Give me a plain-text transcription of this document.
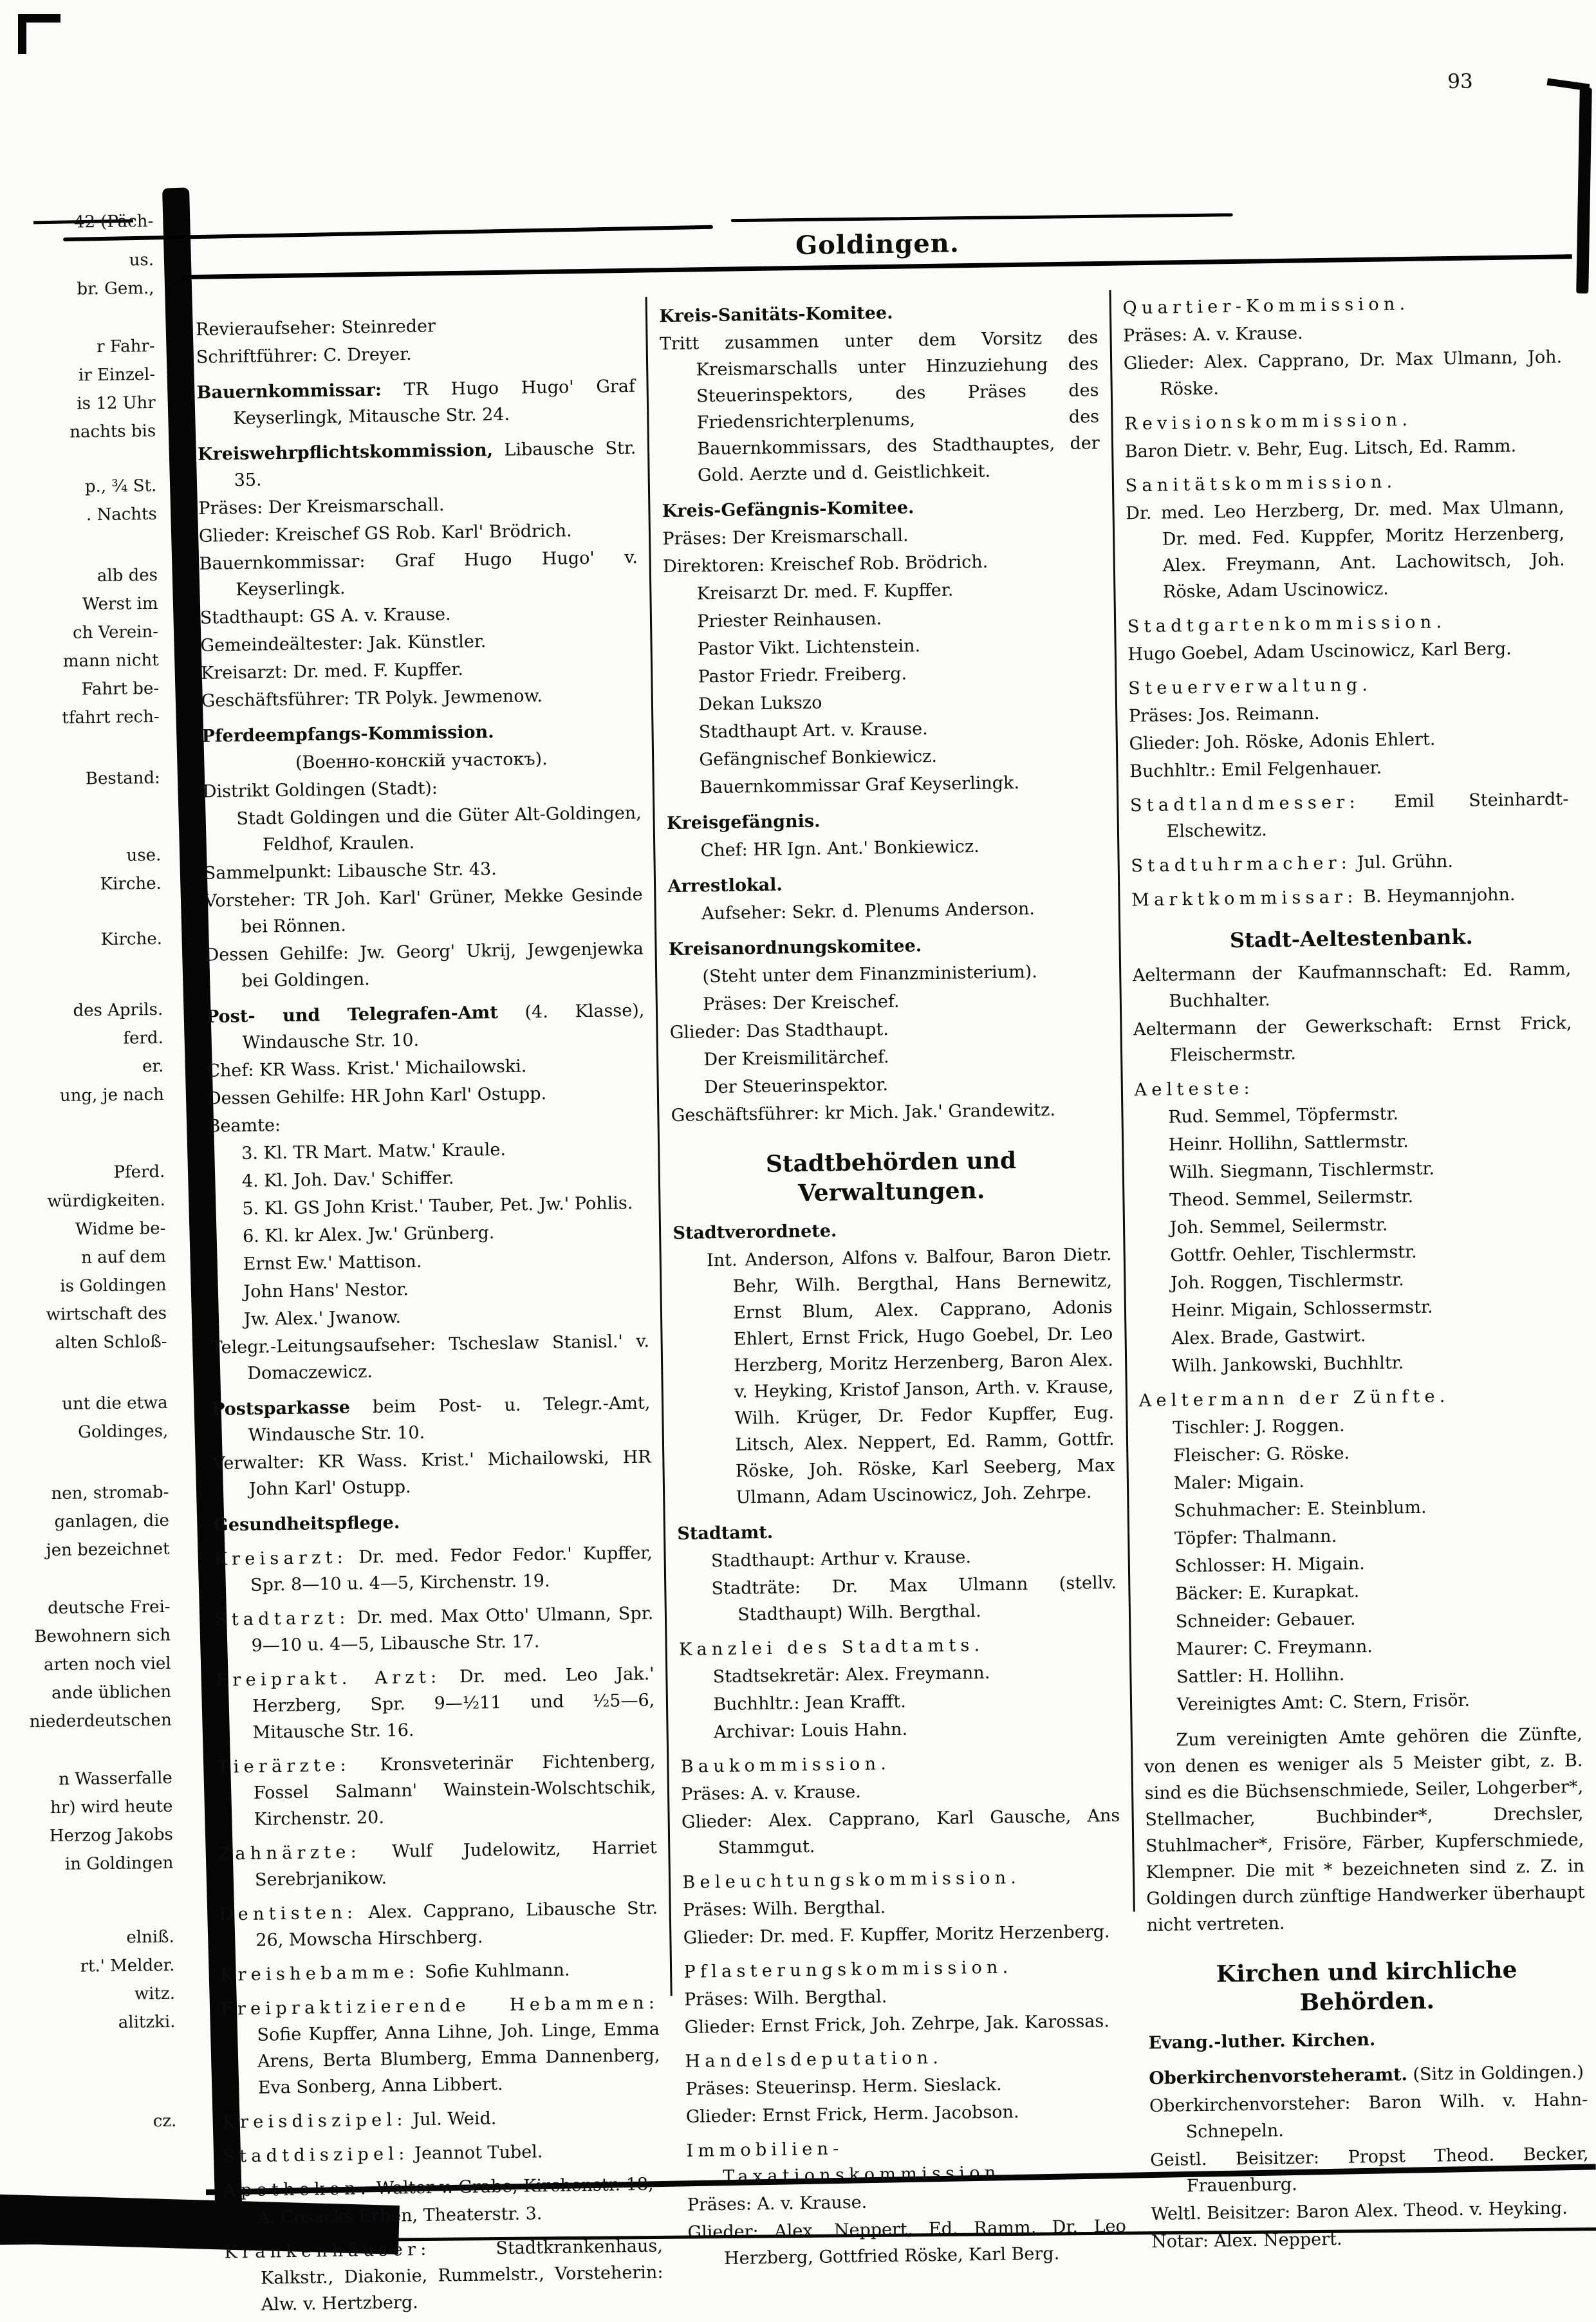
42 (Päch-
us.
br. Gem.,
r Fahr-
ir Einzel-
is 12 Uhr
nachts bis
p., ¾ St.
. Nachts
alb des
Werst im
ch Verein-
mann nicht
Fahrt be-
tfahrt rech-
Bestand:
use.
Kirche.
Kirche.
des Aprils.
ferd.
er.
ung, je nach
Pferd.
würdigkeiten.
Widme be-
n auf dem
is Goldingen
wirtschaft des
alten Schloß-
unt die etwa
Goldinges,
nen, stromab-
ganlagen, die
jen bezeichnet
deutsche Frei-
Bewohnern sich
arten noch viel
ande üblichen
niederdeutschen
n Wasserfalle
hr) wird heute
Herzog Jakobs
in Goldingen
elniß.
rt.' Melder.
witz.
alitzki.
cz.
93
Goldingen.
Revieraufseher: Steinreder
Schriftführer: C. Dreyer.
Bauernkommissar: TR Hugo Hugo' Graf Keyserlingk, Mitausche Str. 24.
Kreiswehrpflichtskommission, Libausche Str. 35.
Präses: Der Kreismarschall.
Glieder: Kreischef GS Rob. Karl' Brödrich.
Bauernkommissar: Graf Hugo Hugo' v. Keyserlingk.
Stadthaupt: GS A. v. Krause.
Gemeindeältester: Jak. Künstler.
Kreisarzt: Dr. med. F. Kupffer.
Geschäftsführer: TR Polyk. Jewmenow.
Pferdeempfangs-Kommission.
(Военно-конскій участокъ).
Distrikt Goldingen (Stadt):
Stadt Goldingen und die Güter Alt-Goldingen, Feldhof, Kraulen.
Sammelpunkt: Libausche Str. 43.
Vorsteher: TR Joh. Karl' Grüner, Mekke Gesinde bei Rönnen.
Dessen Gehilfe: Jw. Georg' Ukrij, Jewgenjewka bei Goldingen.
Post- und Telegrafen-Amt (4. Klasse), Windausche Str. 10.
Chef: KR Wass. Krist.' Michailowski.
Dessen Gehilfe: HR John Karl' Ostupp.
Beamte:
3. Kl. TR Mart. Matw.' Kraule.
4. Kl. Joh. Dav.' Schiffer.
5. Kl. GS John Krist.' Tauber, Pet. Jw.' Pohlis.
6. Kl. kr Alex. Jw.' Grünberg.
Ernst Ew.' Mattison.
John Hans' Nestor.
Jw. Alex.' Jwanow.
Telegr.-Leitungsaufseher: Tscheslaw Stanisl.' v. Domaczewicz.
Postsparkasse beim Post- u. Telegr.-Amt, Windausche Str. 10.
Verwalter: KR Wass. Krist.' Michailowski, HR John Karl' Ostupp.
Gesundheitspflege.
Kreisarzt: Dr. med. Fedor Fedor.' Kupffer, Spr. 8—10 u. 4—5, Kirchenstr. 19.
Stadtarzt: Dr. med. Max Otto' Ulmann, Spr. 9—10 u. 4—5, Libausche Str. 17.
Freiprakt. Arzt: Dr. med. Leo Jak.' Herzberg, Spr. 9—½11 und ½5—6, Mitausche Str. 16.
Tierärzte: Kronsveterinär Fichtenberg, Fossel Salmann' Wainstein-Wolschtschik, Kirchenstr. 20.
Zahnärzte: Wulf Judelowitz, Harriet Serebrjanikow.
Dentisten: Alex. Capprano, Libausche Str. 26, Mowscha Hirschberg.
Kreishebamme: Sofie Kuhlmann.
Freipraktizierende Hebammen: Sofie Kupffer, Anna Lihne, Joh. Linge, Emma Arens, Berta Blumberg, Emma Dannenberg, Eva Sonberg, Anna Libbert.
Kreisdiszipel: Jul. Weid.
Stadtdiszipel: Jeannot Tubel.
Apotheken: Walter v. Grabe, Kirchenstr. 18,
A. Cosacks Erben, Theaterstr. 3.
Krankenhäuser: Stadtkrankenhaus, Kalkstr., Diakonie, Rummelstr., Vorsteherin: Alw. v. Hertzberg.
Kreis-Sanitäts-Komitee.
Tritt zusammen unter dem Vorsitz des Kreismarschalls unter Hinzuziehung des Steuerinspektors, des Präses des Friedensrichterplenums, des Bauernkommissars, des Stadthauptes, der Gold. Aerzte und d. Geistlichkeit.
Kreis-Gefängnis-Komitee.
Präses: Der Kreismarschall.
Direktoren: Kreischef Rob. Brödrich.
Kreisarzt Dr. med. F. Kupffer.
Priester Reinhausen.
Pastor Vikt. Lichtenstein.
Pastor Friedr. Freiberg.
Dekan Lukszo
Stadthaupt Art. v. Krause.
Gefängnischef Bonkiewicz.
Bauernkommissar Graf Keyserlingk.
Kreisgefängnis.
Chef: HR Ign. Ant.' Bonkiewicz.
Arrestlokal.
Aufseher: Sekr. d. Plenums Anderson.
Kreisanordnungskomitee.
(Steht unter dem Finanzministerium).
Präses: Der Kreischef.
Glieder: Das Stadthaupt.
Der Kreismilitärchef.
Der Steuerinspektor.
Geschäftsführer: kr Mich. Jak.' Grandewitz.
Stadtbehörden und Verwaltungen.
Stadtverordnete.
Int. Anderson, Alfons v. Balfour, Baron Dietr. Behr, Wilh. Bergthal, Hans Bernewitz, Ernst Blum, Alex. Capprano, Adonis Ehlert, Ernst Frick, Hugo Goebel, Dr. Leo Herzberg, Moritz Herzenberg, Baron Alex. v. Heyking, Kristof Janson, Arth. v. Krause, Wilh. Krüger, Dr. Fedor Kupffer, Eug. Litsch, Alex. Neppert, Ed. Ramm, Gottfr. Röske, Joh. Röske, Karl Seeberg, Max Ulmann, Adam Uscinowicz, Joh. Zehrpe.
Stadtamt.
Stadthaupt: Arthur v. Krause.
Stadträte: Dr. Max Ulmann (stellv. Stadthaupt) Wilh. Bergthal.
Kanzlei des Stadtamts.
Stadtsekretär: Alex. Freymann.
Buchhltr.: Jean Krafft.
Archivar: Louis Hahn.
Baukommission.
Präses: A. v. Krause.
Glieder: Alex. Capprano, Karl Gausche, Ans Stammgut.
Beleuchtungskommission.
Präses: Wilh. Bergthal.
Glieder: Dr. med. F. Kupffer, Moritz Herzenberg.
Pflasterungskommission.
Präses: Wilh. Bergthal.
Glieder: Ernst Frick, Joh. Zehrpe, Jak. Karossas.
Handelsdeputation.
Präses: Steuerinsp. Herm. Sieslack.
Glieder: Ernst Frick, Herm. Jacobson.
Immobilien-Taxationskommission.
Präses: A. v. Krause.
Glieder: Alex. Neppert, Ed. Ramm, Dr. Leo Herzberg, Gottfried Röske, Karl Berg.
Quartier-Kommission.
Präses: A. v. Krause.
Glieder: Alex. Capprano, Dr. Max Ulmann, Joh. Röske.
Revisionskommission.
Baron Dietr. v. Behr, Eug. Litsch, Ed. Ramm.
Sanitätskommission.
Dr. med. Leo Herzberg, Dr. med. Max Ulmann, Dr. med. Fed. Kuppfer, Moritz Herzenberg, Alex. Freymann, Ant. Lachowitsch, Joh. Röske, Adam Uscinowicz.
Stadtgartenkommission.
Hugo Goebel, Adam Uscinowicz, Karl Berg.
Steuerverwaltung.
Präses: Jos. Reimann.
Glieder: Joh. Röske, Adonis Ehlert.
Buchhltr.: Emil Felgenhauer.
Stadtlandmesser: Emil Steinhardt-Elschewitz.
Stadtuhrmacher: Jul. Grühn.
Marktkommissar: B. Heymannjohn.
Stadt-Aeltestenbank.
Aeltermann der Kaufmannschaft: Ed. Ramm, Buchhalter.
Aeltermann der Gewerkschaft: Ernst Frick, Fleischermstr.
Aelteste:
Rud. Semmel, Töpfermstr.
Heinr. Hollihn, Sattlermstr.
Wilh. Siegmann, Tischlermstr.
Theod. Semmel, Seilermstr.
Joh. Semmel, Seilermstr.
Gottfr. Oehler, Tischlermstr.
Joh. Roggen, Tischlermstr.
Heinr. Migain, Schlossermstr.
Alex. Brade, Gastwirt.
Wilh. Jankowski, Buchhltr.
Aeltermann der Zünfte.
Tischler: J. Roggen.
Fleischer: G. Röske.
Maler: Migain.
Schuhmacher: E. Steinblum.
Töpfer: Thalmann.
Schlosser: H. Migain.
Bäcker: E. Kurapkat.
Schneider: Gebauer.
Maurer: C. Freymann.
Sattler: H. Hollihn.
Vereinigtes Amt: C. Stern, Frisör.
Zum vereinigten Amte gehören die Zünfte, von denen es weniger als 5 Meister gibt, z. B. sind es die Büchsenschmiede, Seiler, Lohgerber*, Stellmacher, Buchbinder*, Drechsler, Stuhlmacher*, Frisöre, Färber, Kupferschmiede, Klempner. Die mit * bezeichneten sind z. Z. in Goldingen durch zünftige Handwerker überhaupt nicht vertreten.
Kirchen und kirchliche Behörden.
Evang.-luther. Kirchen.
Oberkirchenvorsteheramt. (Sitz in Goldingen.)
Oberkirchenvorsteher: Baron Wilh. v. Hahn-Schnepeln.
Geistl. Beisitzer: Propst Theod. Becker, Frauenburg.
Weltl. Beisitzer: Baron Alex. Theod. v. Heyking.
Notar: Alex. Neppert.
